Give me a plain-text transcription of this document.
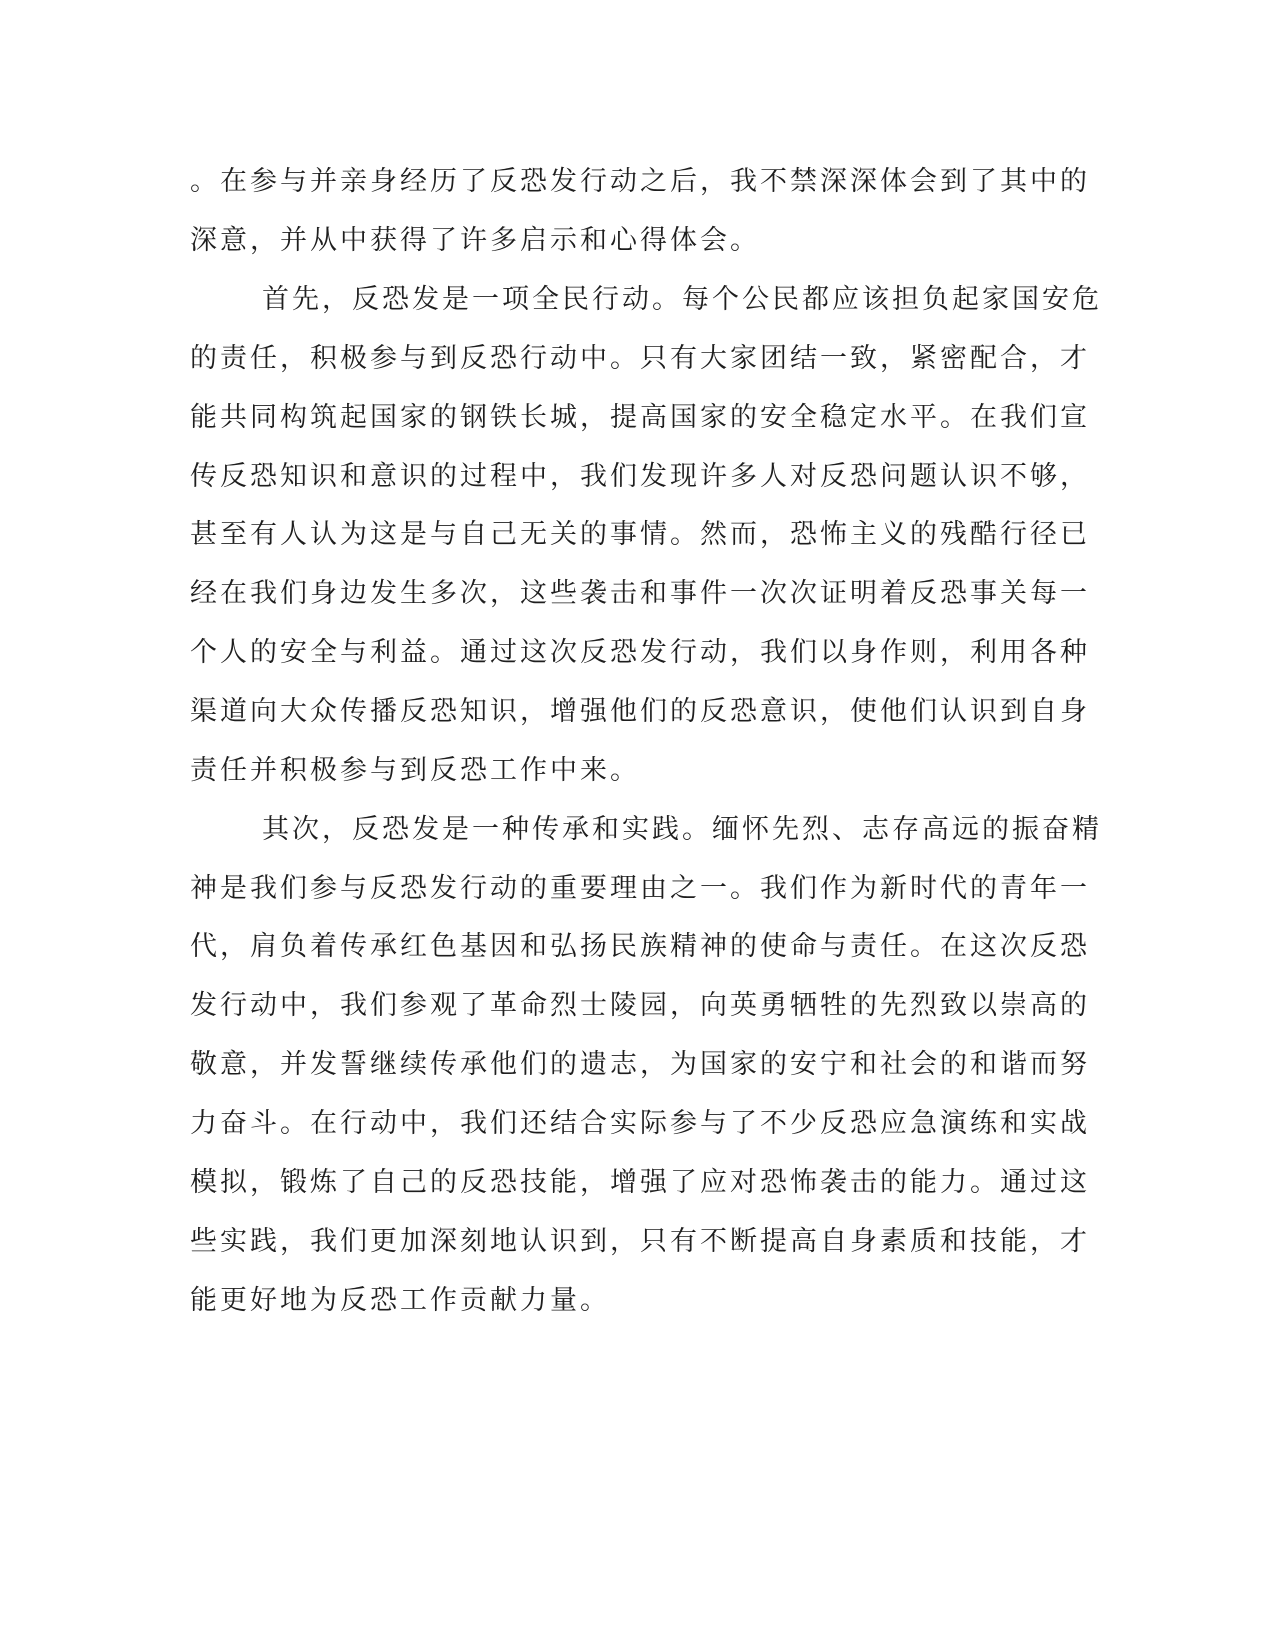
。在参与并亲身经历了反恐发行动之后，我不禁深深体会到了其中的

深意，并从中获得了许多启示和心得体会。

首先，反恐发是一项全民行动。每个公民都应该担负起家国安危

的责任，积极参与到反恐行动中。只有大家团结一致，紧密配合，才

能共同构筑起国家的钢铁长城，提高国家的安全稳定水平。在我们宣

传反恐知识和意识的过程中，我们发现许多人对反恐问题认识不够，

甚至有人认为这是与自己无关的事情。然而，恐怖主义的残酷行径已

经在我们身边发生多次，这些袭击和事件一次次证明着反恐事关每一

个人的安全与利益。通过这次反恐发行动，我们以身作则，利用各种

渠道向大众传播反恐知识，增强他们的反恐意识，使他们认识到自身

责任并积极参与到反恐工作中来。

其次，反恐发是一种传承和实践。缅怀先烈、志存高远的振奋精

神是我们参与反恐发行动的重要理由之一。我们作为新时代的青年一

代，肩负着传承红色基因和弘扬民族精神的使命与责任。在这次反恐

发行动中，我们参观了革命烈士陵园，向英勇牺牲的先烈致以崇高的

敬意，并发誓继续传承他们的遗志，为国家的安宁和社会的和谐而努

力奋斗。在行动中，我们还结合实际参与了不少反恐应急演练和实战

模拟，锻炼了自己的反恐技能，增强了应对恐怖袭击的能力。通过这

些实践，我们更加深刻地认识到，只有不断提高自身素质和技能，才

能更好地为反恐工作贡献力量。
